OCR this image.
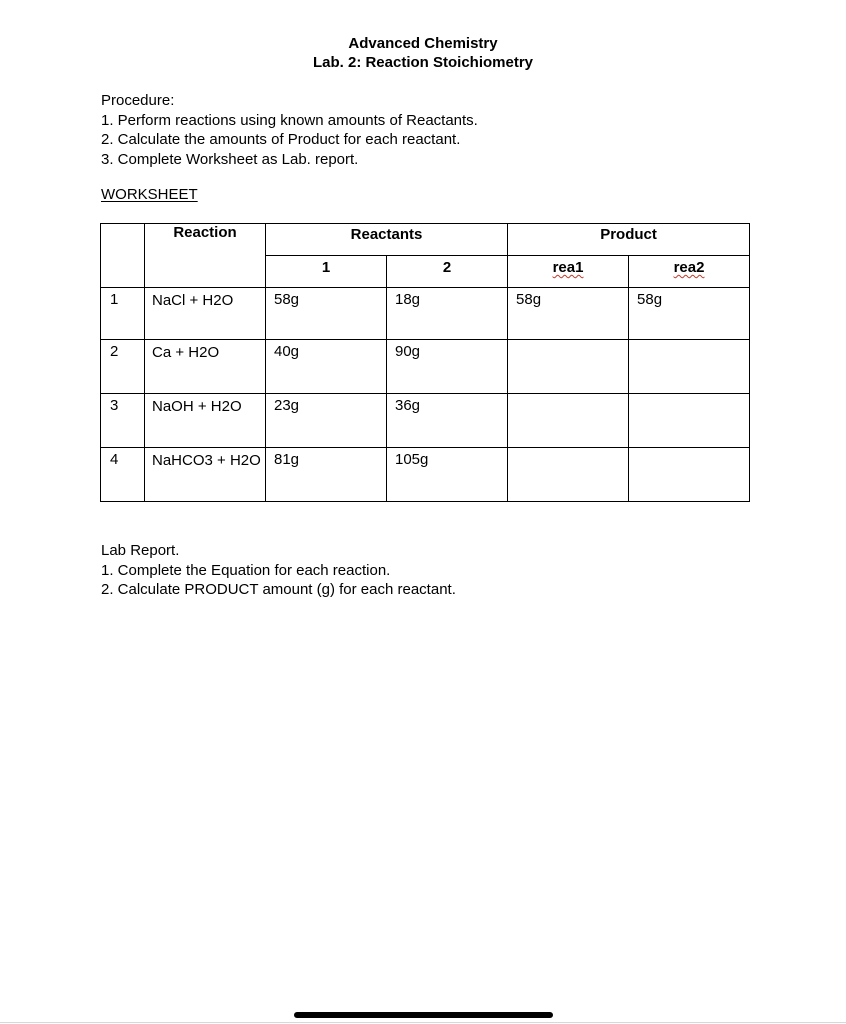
Advanced Chemistry
Lab. 2: Reaction Stoichiometry
Procedure:
1. Perform reactions using known amounts of Reactants.
2. Calculate the amounts of Product for each reactant.
3. Complete Worksheet as Lab. report.
WORKSHEET
	Reaction	Reactants		Product	
		1	2	rea1	rea2
1	NaCl + H2O	58g	18g	58g	58g
2	Ca + H2O	40g	90g		
3	NaOH + H2O	23g	36g		
4	NaHCO3 + H2O	81g	105g		
Lab Report.
1. Complete the Equation for each reaction.
2. Calculate PRODUCT amount (g) for each reactant.
